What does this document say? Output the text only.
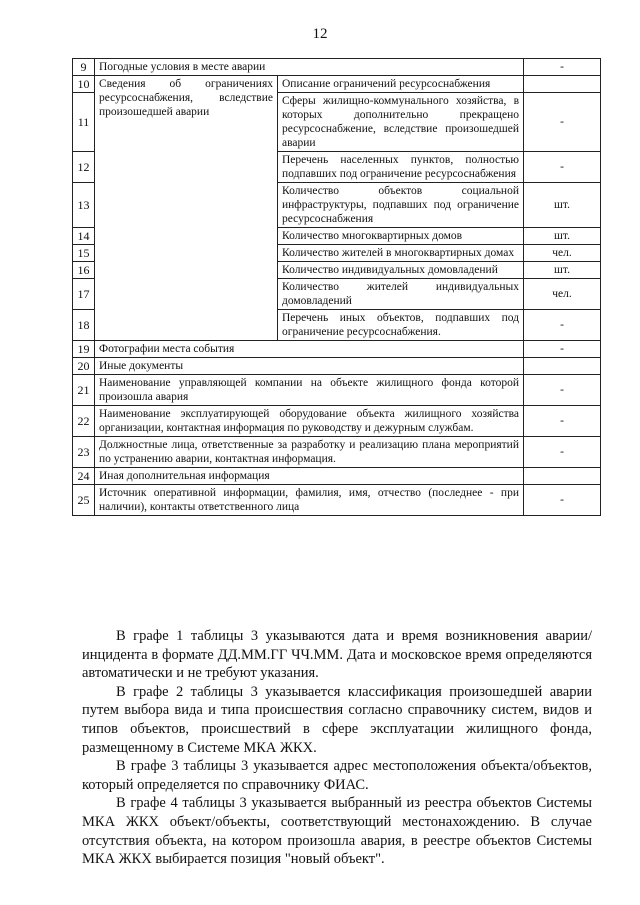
12
9	Погодные условия в месте аварии		-
10	Сведения об ограничениях ресурсоснабжения, вследствие произошедшей аварии	Описание ограничений ресурсоснабжения	
11		Сферы жилищно-коммунального хозяйства, в которых дополнительно прекращено ресурсоснабжение, вследствие произошедшей аварии	-
12		Перечень населенных пунктов, полностью подпавших под ограничение ресурсоснабжения	-
13		Количество объектов социальной инфраструктуры, подпавших под ограничение ресурсоснабжения	шт.
14		Количество многоквартирных домов	шт.
15		Количество жителей в многоквартирных домах	чел.
16		Количество индивидуальных домовладений	шт.
17		Количество жителей индивидуальных домовладений	чел.
18		Перечень иных объектов, подпавших под ограничение ресурсоснабжения.	-
19	Фотографии места события		-
20	Иные документы		
21	Наименование управляющей компании на объекте жилищного фонда которой произошла авария		-
22	Наименование эксплуатирующей оборудование объекта жилищного хозяйства организации, контактная информация по руководству и дежурным службам.		-
23	Должностные лица, ответственные за разработку и реализацию плана мероприятий по устранению аварии, контактная информация.		-
24	Иная дополнительная информация		
25	Источник оперативной информации, фамилия, имя, отчество (последнее - при наличии), контакты ответственного лица		-

В графе 1 таблицы 3 указываются дата и время возникновения аварии/инцидента в формате ДД.ММ.ГГ ЧЧ.ММ. Дата и московское время определяются автоматически и не требуют указания.

В графе 2 таблицы 3 указывается классификация произошедшей аварии путем выбора вида и типа происшествия согласно справочнику систем, видов и типов объектов, происшествий в сфере эксплуатации жилищного фонда, размещенному в Системе МКА ЖКХ.

В графе 3 таблицы 3 указывается адрес местоположения объекта/объектов, который определяется по справочнику ФИАС.

В графе 4 таблицы 3 указывается выбранный из реестра объектов Системы МКА ЖКХ объект/объекты, соответствующий местонахождению. В случае отсутствия объекта, на котором произошла авария, в реестре объектов Системы МКА ЖКХ выбирается позиция "новый объект".
